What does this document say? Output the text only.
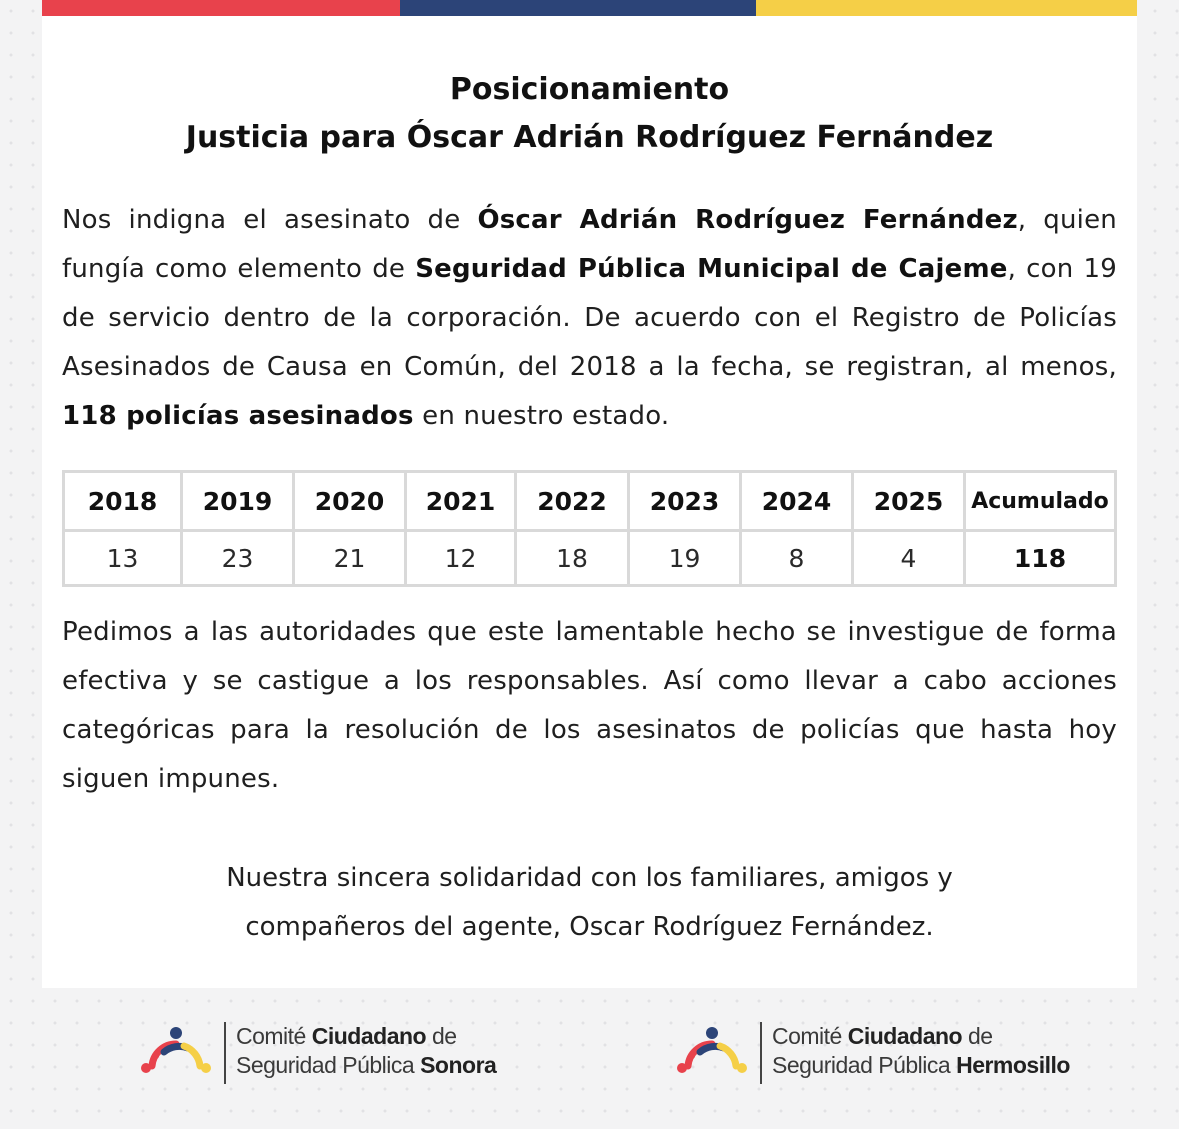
Posicionamiento
Justicia para Óscar Adrián Rodríguez Fernández

Nos indigna el asesinato de Óscar Adrián Rodríguez Fernández, quien fungía como elemento de Seguridad Pública Municipal de Cajeme, con 19 de servicio dentro de la corporación. De acuerdo con el Registro de Policías Asesinados de Causa en Común, del 2018 a la fecha, se registran, al menos, 118 policías asesinados en nuestro estado.

2018	2019	2020	2021	2022	2023	2024	2025	Acumulado
13	23	21	12	18	19	8	4	118

Pedimos a las autoridades que este lamentable hecho se investigue de forma efectiva y se castigue a los responsables. Así como llevar a cabo acciones categóricas para la resolución de los asesinatos de policías que hasta hoy siguen impunes.

Nuestra sincera solidaridad con los familiares, amigos y
compañeros del agente, Oscar Rodríguez Fernández.

Comité Ciudadano de
Seguridad Pública Sonora
Comité Ciudadano de
Seguridad Pública Hermosillo
